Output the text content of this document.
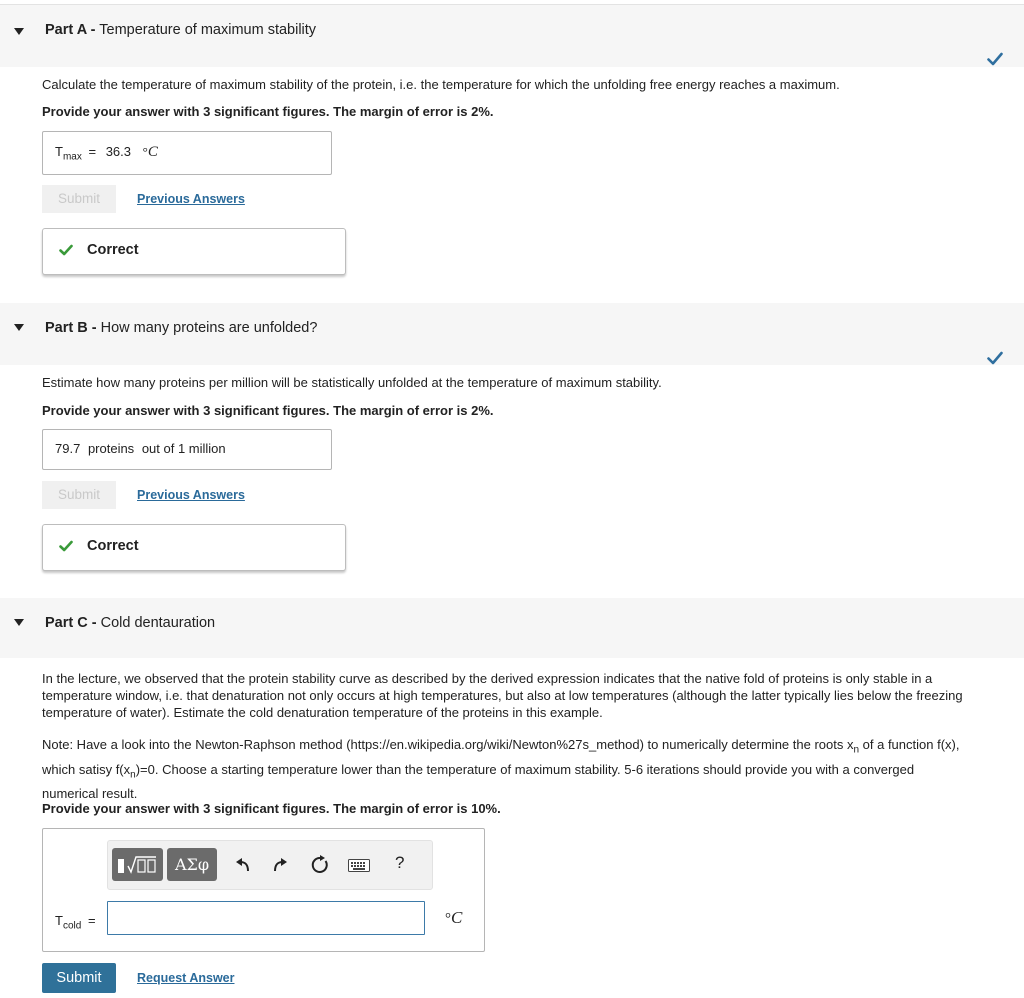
Part A - Temperature of maximum stability
Calculate the temperature of maximum stability of the protein, i.e. the temperature for which the unfolding free energy reaches a maximum.
Provide your answer with 3 significant figures. The margin of error is 2%.
$T_{max} = 36.3$ °C
Submit	Previous Answers
Correct
Part B - How many proteins are unfolded?
Estimate how many proteins per million will be statistically unfolded at the temperature of maximum stability.
Provide your answer with 3 significant figures. The margin of error is 2%.
79.7 proteins out of 1 million
Submit	Previous Answers
Correct
Part C - Cold dentauration
In the lecture, we observed that the protein stability curve as described by the derived expression indicates that the native fold of proteins is only stable in a
temperature window, i.e. that denaturation not only occurs at high temperatures, but also at low temperatures (although the latter typically lies below the freezing
temperature of water). Estimate the cold denaturation temperature of the proteins in this example.
Note: Have a look into the Newton-Raphson method (https://en.wikipedia.org/wiki/Newton%27s_method) to numerically determine the roots $x_n$ of a function f(x),
which satisy $f(x_n)=0$. Choose a starting temperature lower than the temperature of maximum stability. 5-6 iterations should provide you with a converged
numerical result.
Provide your answer with 3 significant figures. The margin of error is 10%.
ΑΣφ	?
$T_{cold}$ =	°C
Submit	Request Answer
